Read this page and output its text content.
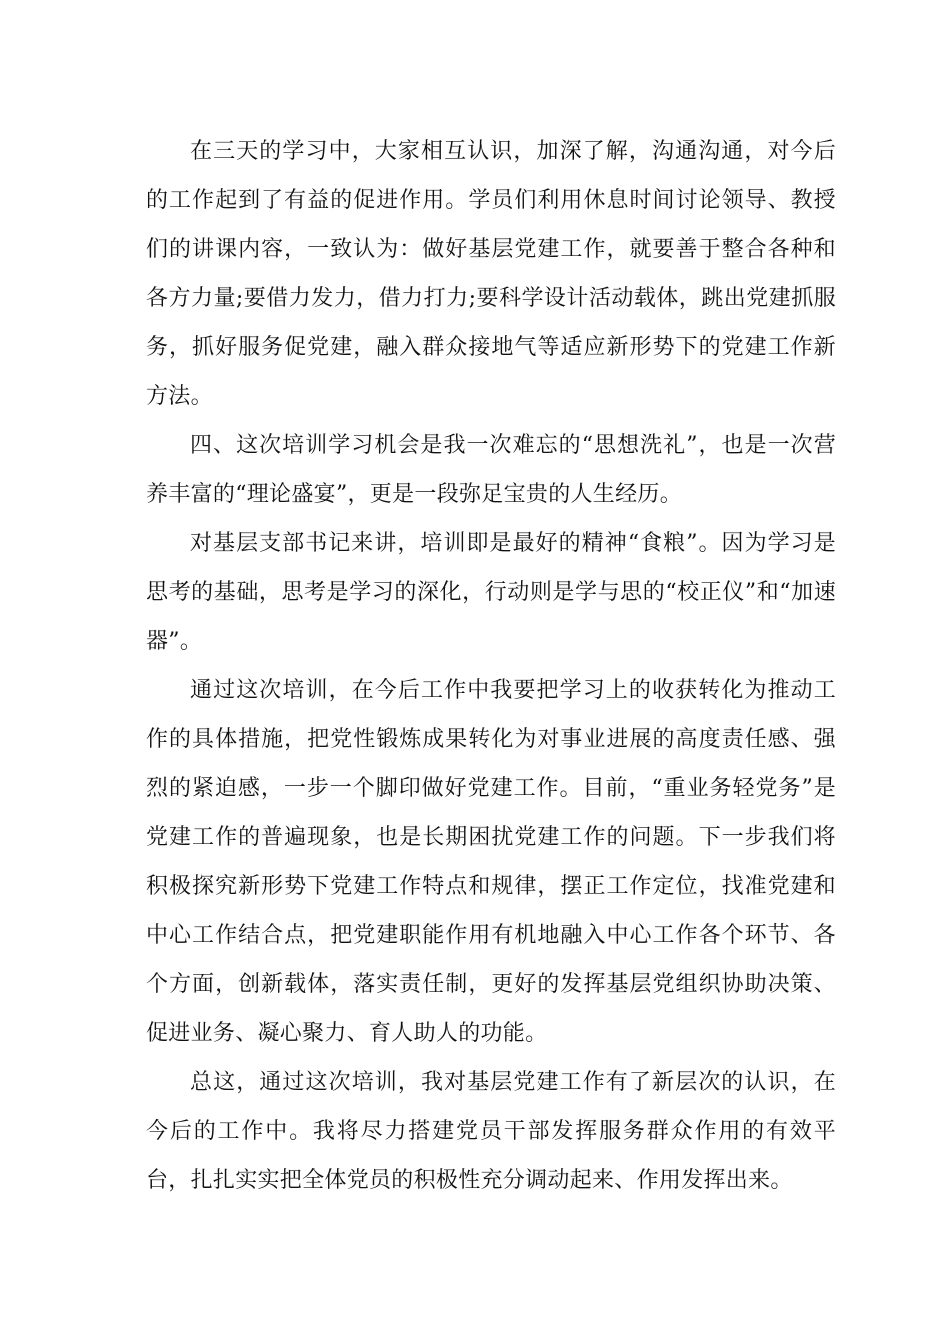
在三天的学习中，大家相互认识，加深了解，沟通沟通，对今后的工作起到了有益的促进作用。学员们利用休息时间讨论领导、教授们的讲课内容，一致认为：做好基层党建工作，就要善于整合各种和各方力量;要借力发力，借力打力;要科学设计活动载体，跳出党建抓服务，抓好服务促党建，融入群众接地气等适应新形势下的党建工作新方法。

四、这次培训学习机会是我一次难忘的“思想洗礼”，也是一次营养丰富的“理论盛宴”，更是一段弥足宝贵的人生经历。

对基层支部书记来讲，培训即是最好的精神“食粮”。因为学习是思考的基础，思考是学习的深化，行动则是学与思的“校正仪”和“加速器”。

通过这次培训，在今后工作中我要把学习上的收获转化为推动工作的具体措施，把党性锻炼成果转化为对事业进展的高度责任感、强烈的紧迫感，一步一个脚印做好党建工作。目前，“重业务轻党务”是党建工作的普遍现象，也是长期困扰党建工作的问题。下一步我们将积极探究新形势下党建工作特点和规律，摆正工作定位，找准党建和中心工作结合点，把党建职能作用有机地融入中心工作各个环节、各个方面，创新载体，落实责任制，更好的发挥基层党组织协助决策、促进业务、凝心聚力、育人助人的功能。

总这，通过这次培训，我对基层党建工作有了新层次的认识，在今后的工作中。我将尽力搭建党员干部发挥服务群众作用的有效平台，扎扎实实把全体党员的积极性充分调动起来、作用发挥出来。
